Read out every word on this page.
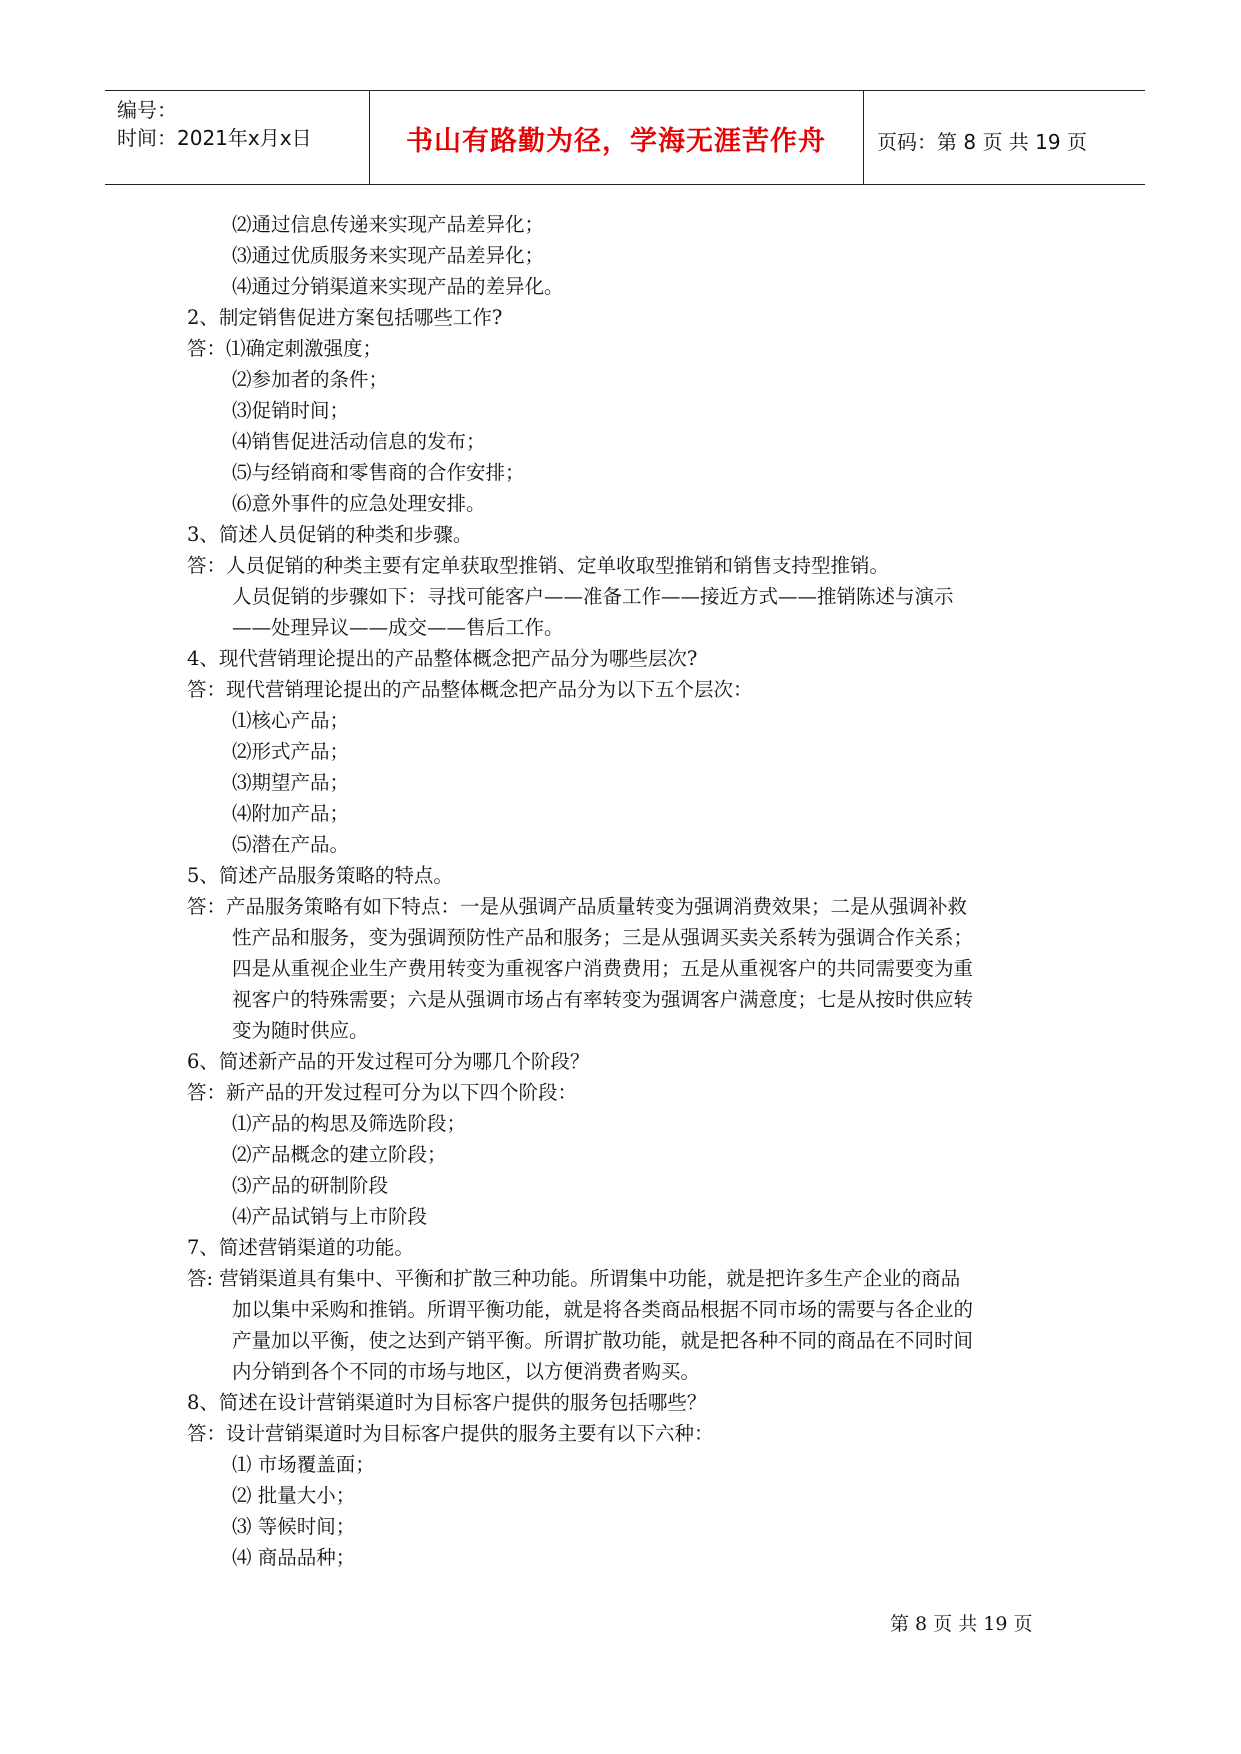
编号：
时间：2021年x月x日	书山有路勤为径，学海无涯苦作舟	页码：第 8 页 共 19 页
⑵通过信息传递来实现产品差异化；
⑶通过优质服务来实现产品差异化；
⑷通过分销渠道来实现产品的差异化。
2、制定销售促进方案包括哪些工作?
答：⑴确定刺激强度；
⑵参加者的条件；
⑶促销时间；
⑷销售促进活动信息的发布；
⑸与经销商和零售商的合作安排；
⑹意外事件的应急处理安排。
3、简述人员促销的种类和步骤。
答：人员促销的种类主要有定单获取型推销、定单收取型推销和销售支持型推销。
人员促销的步骤如下：寻找可能客户——准备工作——接近方式——推销陈述与演示
——处理异议——成交——售后工作。
4、现代营销理论提出的产品整体概念把产品分为哪些层次?
答：现代营销理论提出的产品整体概念把产品分为以下五个层次：
⑴核心产品；
⑵形式产品；
⑶期望产品；
⑷附加产品；
⑸潜在产品。
5、简述产品服务策略的特点。
答：产品服务策略有如下特点：一是从强调产品质量转变为强调消费效果；二是从强调补救
性产品和服务，变为强调预防性产品和服务；三是从强调买卖关系转为强调合作关系；
四是从重视企业生产费用转变为重视客户消费费用；五是从重视客户的共同需要变为重
视客户的特殊需要；六是从强调市场占有率转变为强调客户满意度；七是从按时供应转
变为随时供应。
6、简述新产品的开发过程可分为哪几个阶段？
答：新产品的开发过程可分为以下四个阶段：
⑴产品的构思及筛选阶段；
⑵产品概念的建立阶段；
⑶产品的研制阶段
⑷产品试销与上市阶段
7、简述营销渠道的功能。
答: 营销渠道具有集中、平衡和扩散三种功能。所谓集中功能，就是把许多生产企业的商品
加以集中采购和推销。所谓平衡功能，就是将各类商品根据不同市场的需要与各企业的
产量加以平衡，使之达到产销平衡。所谓扩散功能，就是把各种不同的商品在不同时间
内分销到各个不同的市场与地区，以方便消费者购买。
8、简述在设计营销渠道时为目标客户提供的服务包括哪些？
答：设计营销渠道时为目标客户提供的服务主要有以下六种：
⑴ 市场覆盖面；
⑵ 批量大小；
⑶ 等候时间；
⑷ 商品品种；
第 8 页 共 19 页
